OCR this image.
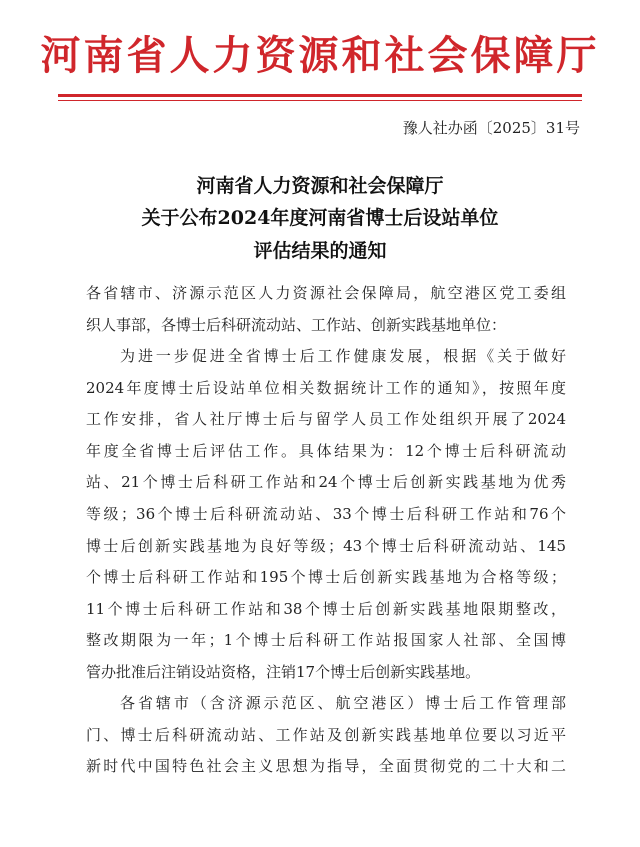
河南省人力资源和社会保障厅
豫人社办函〔2025〕31号
河南省人力资源和社会保障厅
关于公布2024年度河南省博士后设站单位
评估结果的通知
各省辖市、济源示范区人力资源社会保障局，航空港区党工委组
织人事部，各博士后科研流动站、工作站、创新实践基地单位：
为进一步促进全省博士后工作健康发展，根据《关于做好
2024年度博士后设站单位相关数据统计工作的通知》，按照年度
工作安排，省人社厅博士后与留学人员工作处组织开展了2024
年度全省博士后评估工作。具体结果为：12个博士后科研流动
站、21个博士后科研工作站和24个博士后创新实践基地为优秀
等级；36个博士后科研流动站、33个博士后科研工作站和76个
博士后创新实践基地为良好等级；43个博士后科研流动站、145
个博士后科研工作站和195个博士后创新实践基地为合格等级；
11个博士后科研工作站和38个博士后创新实践基地限期整改，
整改期限为一年；1个博士后科研工作站报国家人社部、全国博
管办批准后注销设站资格，注销17个博士后创新实践基地。
各省辖市（含济源示范区、航空港区）博士后工作管理部
门、博士后科研流动站、工作站及创新实践基地单位要以习近平
新时代中国特色社会主义思想为指导，全面贯彻党的二十大和二
